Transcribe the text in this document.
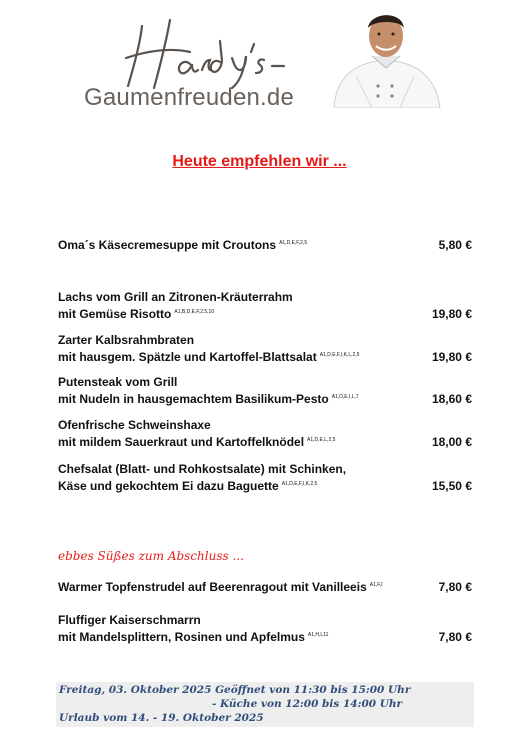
Gaumenfreuden.de
Heute empfehlen wir ...
Oma´s Käsecremesuppe mit Croutons $^{A1,D,E,F,2,5}$	5,80 €
Lachs vom Grill an Zitronen-Kräuterrahm
mit Gemüse Risotto $^{A1,B,D,E,F,2,5,10}$	19,80 €
Zarter Kalbsrahmbraten
mit hausgem. Spätzle und Kartoffel-Blattsalat $^{A1,D,E,F,I,K,L,2,5}$	19,80 €
Putensteak vom Grill
mit Nudeln in hausgemachtem Basilikum-Pesto $^{A1,D,E,I,L,7}$	18,60 €
Ofenfrische Schweinshaxe
mit mildem Sauerkraut und Kartoffelknödel $^{A1,D,E,L,2,5}$	18,00 €
Chefsalat (Blatt- und Rohkostsalate) mit Schinken,
Käse und gekochtem Ei dazu Baguette $^{A1,D,E,F,I,K,2,5}$	15,50 €
ebbes Süßes zum Abschluss ...
Warmer Topfenstrudel auf Beerenragout mit Vanilleeis $^{A1,F,I}$	7,80 €
Fluffiger Kaiserschmarrn
mit Mandelsplittern, Rosinen und Apfelmus $^{A1,H,L11}$	7,80 €
Freitag, 03. Oktober 2025 Geöffnet von 11:30 bis 15:00 Uhr
- Küche von 12:00 bis 14:00 Uhr
Urlaub vom 14. - 19. Oktober 2025
